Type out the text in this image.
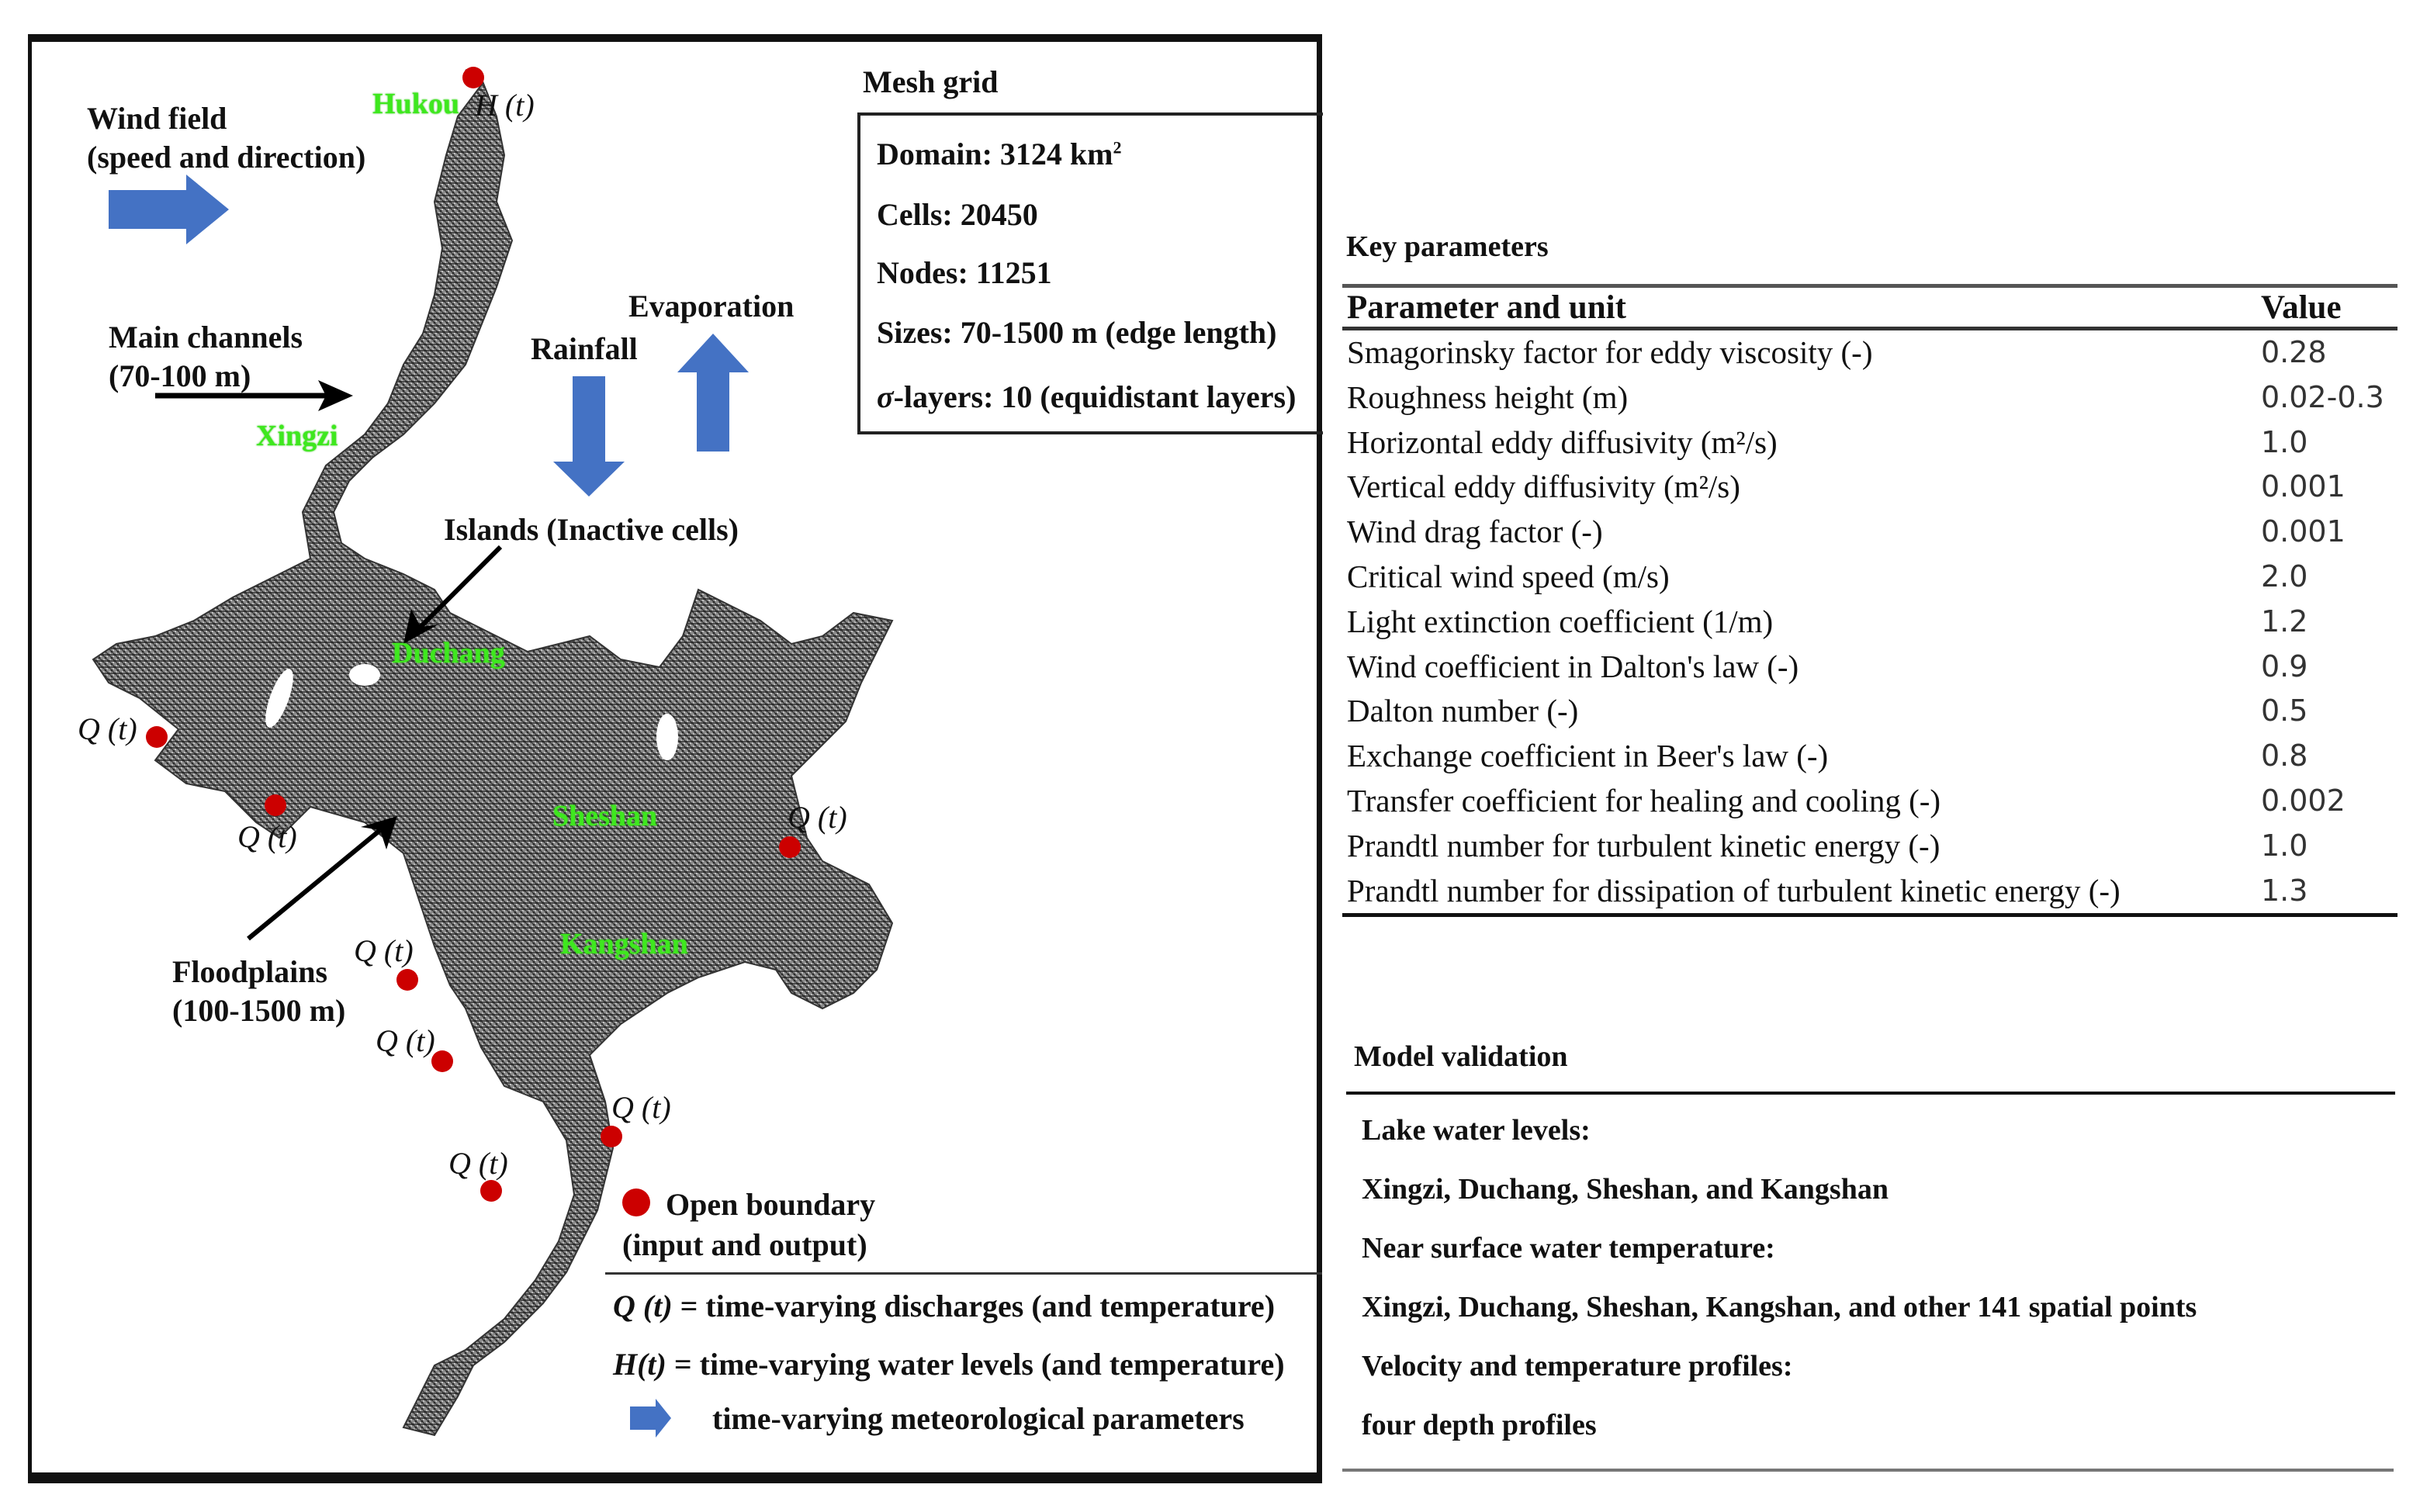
Wind field
(speed and direction)
Main channels
(70-100 m)
Rainfall
Evaporation
Islands (Inactive cells)
Floodplains
(100-1500 m)
Hukou
Xingzi
Duchang
Sheshan
Kangshan
H (t)
Q (t)
Q (t)
Q (t)
Q (t)
Q (t)
Q (t)
Q (t)
Open boundary
(input and output)
Mesh grid
Domain: 3124 $km^2$
Cells: 20450
Nodes: 11251
Sizes: 70-1500 m (edge length)
σ-layers: 10 (equidistant layers)
Q (t) = time-varying discharges (and temperature)
H(t) = time-varying water levels (and temperature)
time-varying meteorological parameters
Key parameters
Parameter and unit	Value
Smagorinsky factor for eddy viscosity (-)	0.28
Roughness height (m)	0.02-0.3
Horizontal eddy diffusivity (m²/s)	1.0
Vertical eddy diffusivity (m²/s)	0.001
Wind drag factor (-)	0.001
Critical wind speed (m/s)	2.0
Light extinction coefficient (1/m)	1.2
Wind coefficient in Dalton's law (-)	0.9
Dalton number (-)	0.5
Exchange coefficient in Beer's law (-)	0.8
Transfer coefficient for healing and cooling (-)	0.002
Prandtl number for turbulent kinetic energy (-)	1.0
Prandtl number for dissipation of turbulent kinetic energy (-)	1.3
Model validation
Lake water levels:
Xingzi, Duchang, Sheshan, and Kangshan
Near surface water temperature:
Xingzi, Duchang, Sheshan, Kangshan, and other 141 spatial points
Velocity and temperature profiles:
four depth profiles
